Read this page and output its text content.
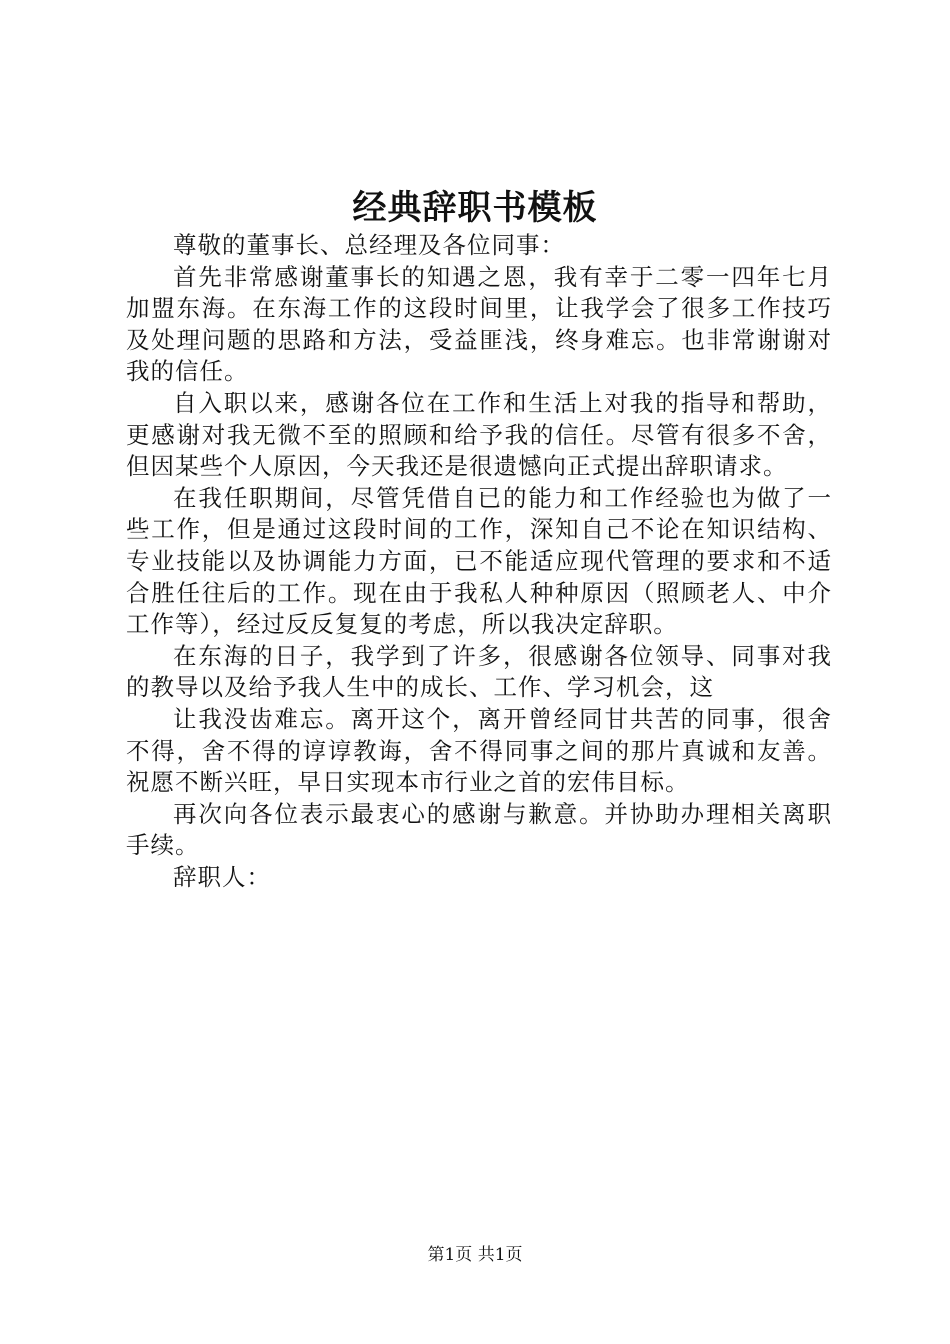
经典辞职书模板

尊敬的董事长、总经理及各位同事：

首先非常感谢董事长的知遇之恩，我有幸于二零一四年七月加盟东海。在东海工作的这段时间里，让我学会了很多工作技巧及处理问题的思路和方法，受益匪浅，终身难忘。也非常谢谢对我的信任。

自入职以来，感谢各位在工作和生活上对我的指导和帮助，更感谢对我无微不至的照顾和给予我的信任。尽管有很多不舍，但因某些个人原因，今天我还是很遗憾向正式提出辞职请求。

在我任职期间，尽管凭借自已的能力和工作经验也为做了一些工作，但是通过这段时间的工作，深知自己不论在知识结构、专业技能以及协调能力方面，已不能适应现代管理的要求和不适合胜任往后的工作。现在由于我私人种种原因（照顾老人、中介工作等），经过反反复复的考虑，所以我决定辞职。

在东海的日子，我学到了许多，很感谢各位领导、同事对我的教导以及给予我人生中的成长、工作、学习机会，这

让我没齿难忘。离开这个，离开曾经同甘共苦的同事，很舍不得，舍不得的谆谆教诲，舍不得同事之间的那片真诚和友善。祝愿不断兴旺，早日实现本市行业之首的宏伟目标。

再次向各位表示最衷心的感谢与歉意。并协助办理相关离职手续。

辞职人：

第1页 共1页
